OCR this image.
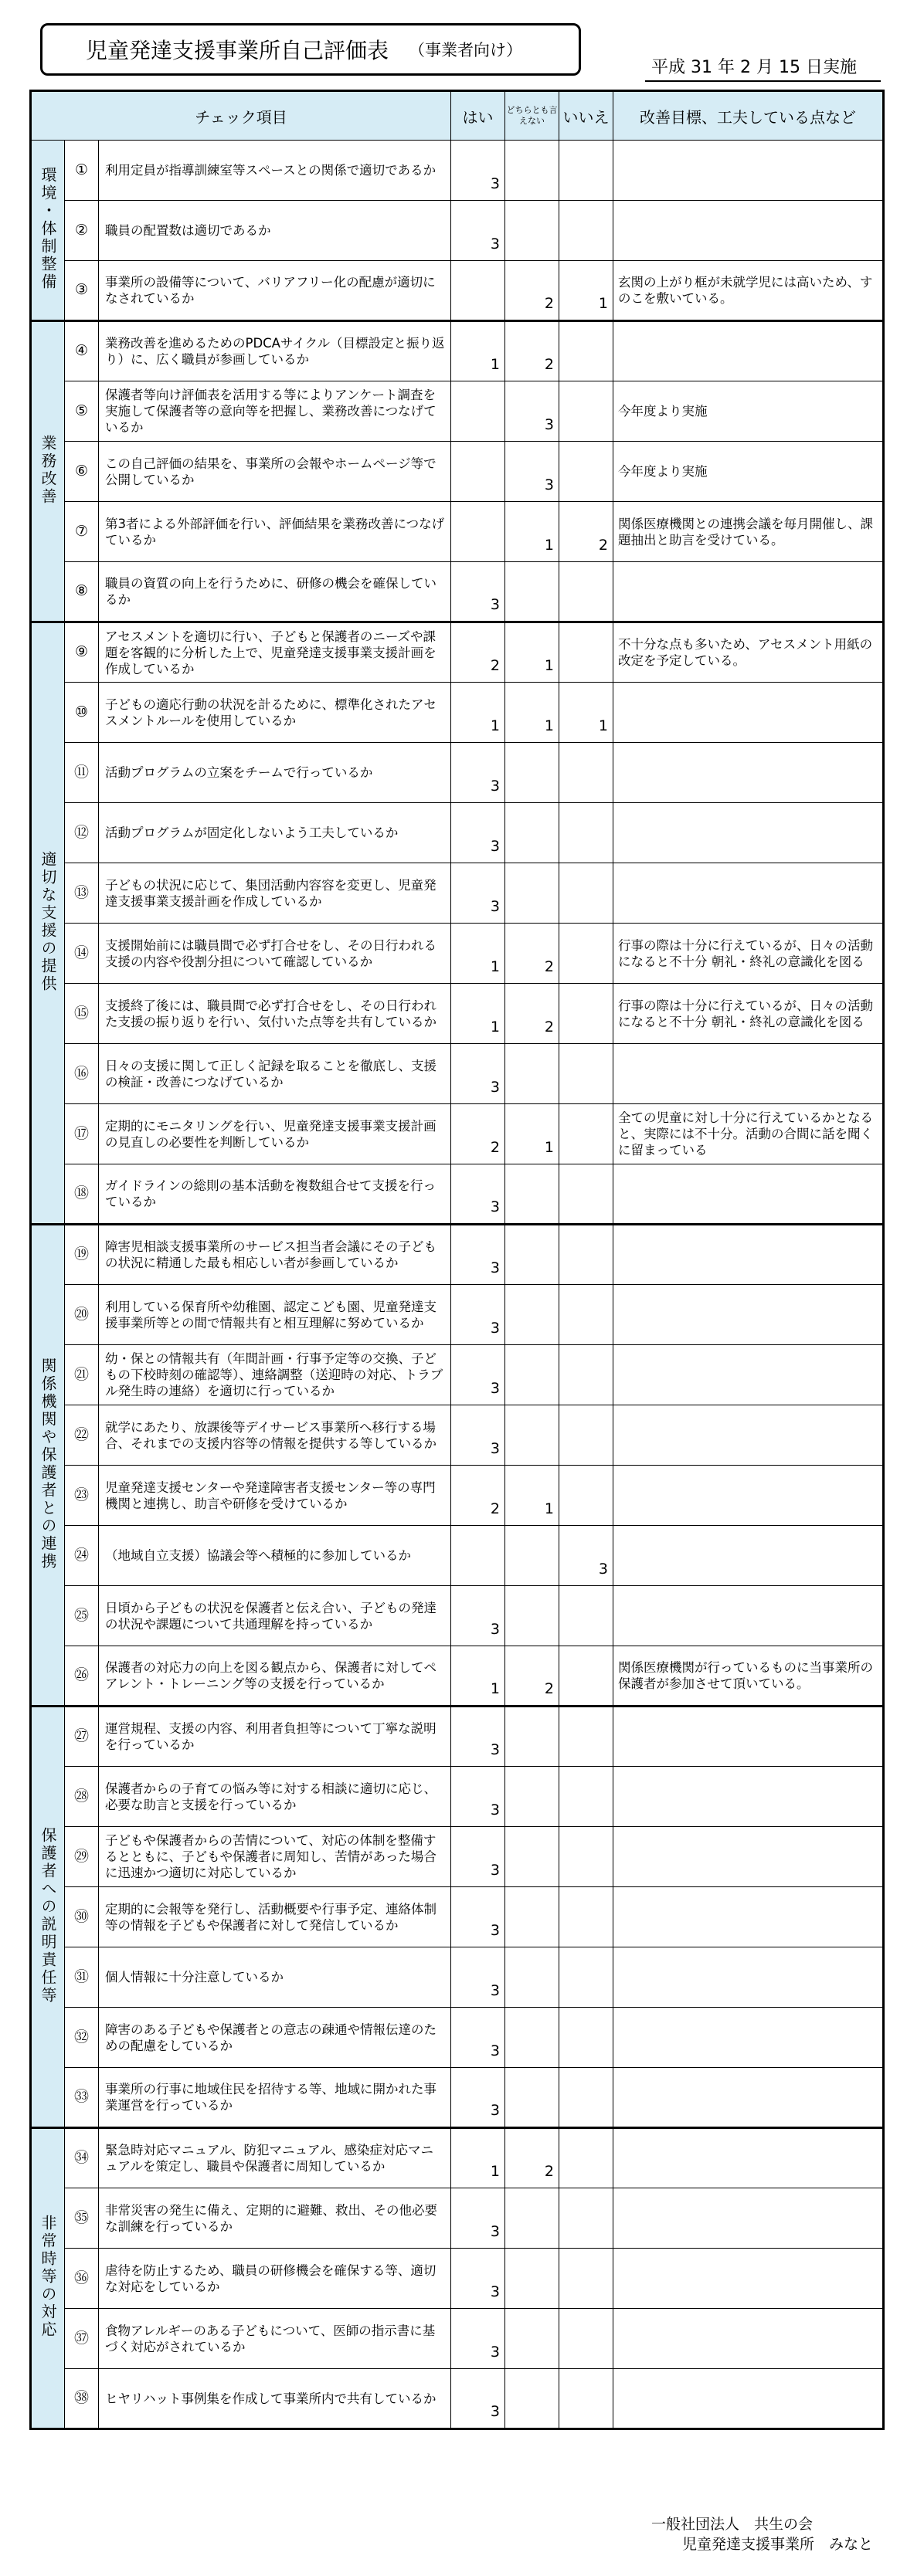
児童発達支援事業所自己評価表 （事業者向け）
平成 31 年 2 月 15 日実施
チェック項目			はい	どちらとも言えない	いいえ	改善目標、工夫している点など
環境・体制整備	①	利用定員が指導訓練室等スペースとの関係で適切であるか	3			
	②	職員の配置数は適切であるか	3			
	③	事業所の設備等について、バリアフリー化の配慮が適切になされているか		2	1	玄関の上がり框が未就学児には高いため、すのこを敷いている。
業務改善	④	業務改善を進めるためのPDCAサイクル（目標設定と振り返り）に、広く職員が参画しているか	1	2		
	⑤	保護者等向け評価表を活用する等によりアンケート調査を実施して保護者等の意向等を把握し、業務改善につなげているか		3		今年度より実施
	⑥	この自己評価の結果を、事業所の会報やホームページ等で公開しているか		3		今年度より実施
	⑦	第3者による外部評価を行い、評価結果を業務改善につなげているか		1	2	関係医療機関との連携会議を毎月開催し、課題抽出と助言を受けている。
	⑧	職員の資質の向上を行うために、研修の機会を確保しているか	3			
適切な支援の提供	⑨	アセスメントを適切に行い、子どもと保護者のニーズや課題を客観的に分析した上で、児童発達支援事業支援計画を作成しているか	2	1		不十分な点も多いため、アセスメント用紙の改定を予定している。
	⑩	子どもの適応行動の状況を計るために、標準化されたアセスメントルールを使用しているか	1	1	1	
	⑪	活動プログラムの立案をチームで行っているか	3			
	⑫	活動プログラムが固定化しないよう工夫しているか	3			
	⑬	子どもの状況に応じて、集団活動内容容を変更し、児童発達支援事業支援計画を作成しているか	3			
	⑭	支援開始前には職員間で必ず打合せをし、その日行われる支援の内容や役割分担について確認しているか	1	2		行事の際は十分に行えているが、日々の活動になると不十分 朝礼・終礼の意識化を図る
	⑮	支援終了後には、職員間で必ず打合せをし、その日行われた支援の振り返りを行い、気付いた点等を共有しているか	1	2		行事の際は十分に行えているが、日々の活動になると不十分 朝礼・終礼の意識化を図る
	⑯	日々の支援に関して正しく記録を取ることを徹底し、支援の検証・改善につなげているか	3			
	⑰	定期的にモニタリングを行い、児童発達支援事業支援計画の見直しの必要性を判断しているか	2	1		全ての児童に対し十分に行えているかとなると、実際には不十分。活動の合間に話を聞くに留まっている
	⑱	ガイドラインの総則の基本活動を複数組合せて支援を行っているか	3			
関係機関や保護者との連携	⑲	障害児相談支援事業所のサービス担当者会議にその子どもの状況に精通した最も相応しい者が参画しているか	3			
	⑳	利用している保育所や幼稚園、認定こども園、児童発達支援事業所等との間で情報共有と相互理解に努めているか	3			
	㉑	幼・保との情報共有（年間計画・行事予定等の交換、子どもの下校時刻の確認等）、連絡調整（送迎時の対応、トラブル発生時の連絡）を適切に行っているか	3			
	㉒	就学にあたり、放課後等デイサービス事業所へ移行する場合、それまでの支援内容等の情報を提供する等しているか	3			
	㉓	児童発達支援センターや発達障害者支援センター等の専門機関と連携し、助言や研修を受けているか	2	1		
	㉔	（地域自立支援）協議会等へ積極的に参加しているか			3	
	㉕	日頃から子どもの状況を保護者と伝え合い、子どもの発達の状況や課題について共通理解を持っているか	3			
	㉖	保護者の対応力の向上を図る観点から、保護者に対してペアレント・トレーニング等の支援を行っているか	1	2		関係医療機関が行っているものに当事業所の保護者が参加させて頂いている。
保護者への説明責任等	㉗	運営規程、支援の内容、利用者負担等について丁寧な説明を行っているか	3			
	㉘	保護者からの子育ての悩み等に対する相談に適切に応じ、必要な助言と支援を行っているか	3			
	㉙	子どもや保護者からの苦情について、対応の体制を整備するとともに、子どもや保護者に周知し、苦情があった場合に迅速かつ適切に対応しているか	3			
	㉚	定期的に会報等を発行し、活動概要や行事予定、連絡体制等の情報を子どもや保護者に対して発信しているか	3			
	㉛	個人情報に十分注意しているか	3			
	㉜	障害のある子どもや保護者との意志の疎通や情報伝達のための配慮をしているか	3			
	㉝	事業所の行事に地域住民を招待する等、地域に開かれた事業運営を行っているか	3			
非常時等の対応	㉞	緊急時対応マニュアル、防犯マニュアル、感染症対応マニュアルを策定し、職員や保護者に周知しているか	1	2		
	㉟	非常災害の発生に備え、定期的に避難、救出、その他必要な訓練を行っているか	3			
	㊱	虐待を防止するため、職員の研修機会を確保する等、適切な対応をしているか	3			
	㊲	食物アレルギーのある子どもについて、医師の指示書に基づく対応がされているか	3			
	㊳	ヒヤリハット事例集を作成して事業所内で共有しているか	3			
一般社団法人　共生の会
児童発達支援事業所　みなと
